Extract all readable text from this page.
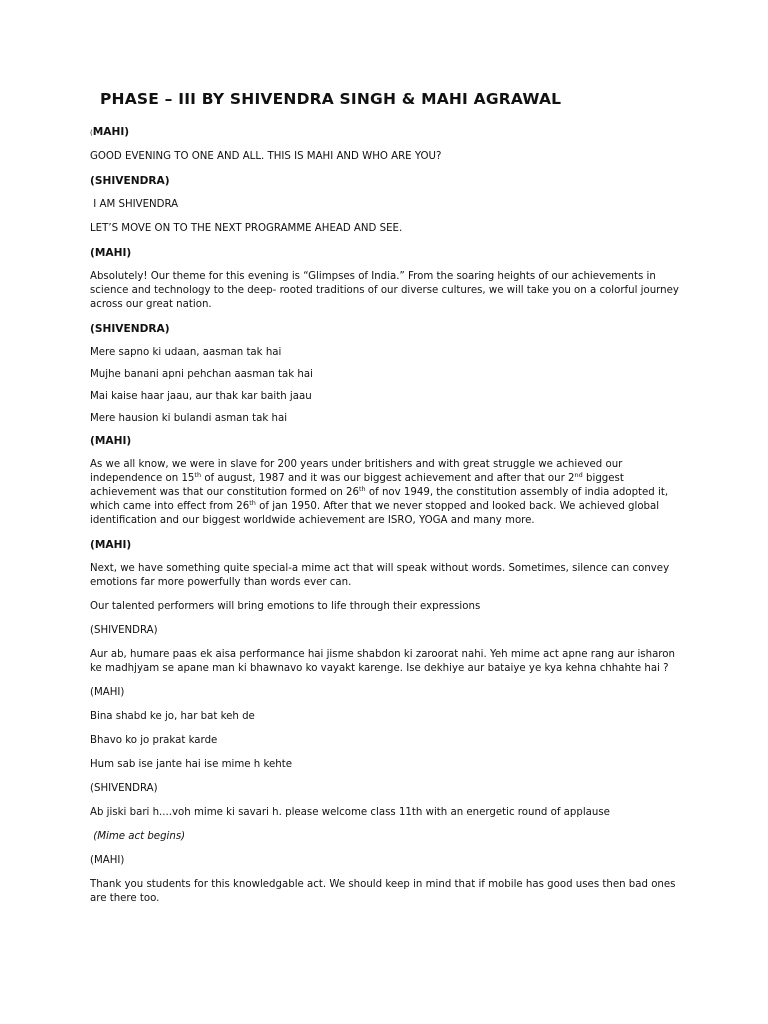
PHASE – III BY SHIVENDRA SINGH & MAHI AGRAWAL

(MAHI)

GOOD EVENING TO ONE AND ALL. THIS IS MAHI AND WHO ARE YOU?

(SHIVENDRA)

I AM SHIVENDRA

LET’S MOVE ON TO THE NEXT PROGRAMME AHEAD AND SEE.

(MAHI)

Absolutely! Our theme for this evening is “Glimpses of India.” From the soaring heights of our achievements in science and technology to the deep- rooted traditions of our diverse cultures, we will take you on a colorful journey across our great nation.

(SHIVENDRA)

Mere sapno ki udaan, aasman tak hai

Mujhe banani apni pehchan aasman tak hai

Mai kaise haar jaau, aur thak kar baith jaau

Mere hausion ki bulandi asman tak hai

(MAHI)

As we all know, we were in slave for 200 years under britishers and with great struggle we achieved our independence on 15th of august, 1987 and it was our biggest achievement and after that our 2nd biggest achievement was that our constitution formed on 26th of nov 1949, the constitution assembly of india adopted it, which came into effect from 26th of jan 1950. After that we never stopped and looked back. We achieved global identification and our biggest worldwide achievement are ISRO, YOGA and many more.

(MAHI)

Next, we have something quite special-a mime act that will speak without words. Sometimes, silence can convey emotions far more powerfully than words ever can.

Our talented performers will bring emotions to life through their expressions

(SHIVENDRA)

Aur ab, humare paas ek aisa performance hai jisme shabdon ki zaroorat nahi. Yeh mime act apne rang aur isharon ke madhjyam se apane man ki bhawnavo ko vayakt karenge. Ise dekhiye aur bataiye ye kya kehna chhahte hai ?

(MAHI)

Bina shabd ke jo, har bat keh de

Bhavo ko jo prakat karde

Hum sab ise jante hai ise mime h kehte

(SHIVENDRA)

Ab jiski bari h....voh mime ki savari h. please welcome class 11th with an energetic round of applause

(Mime act begins)

(MAHI)

Thank you students for this knowledgable act. We should keep in mind that if mobile has good uses then bad ones are there too.
